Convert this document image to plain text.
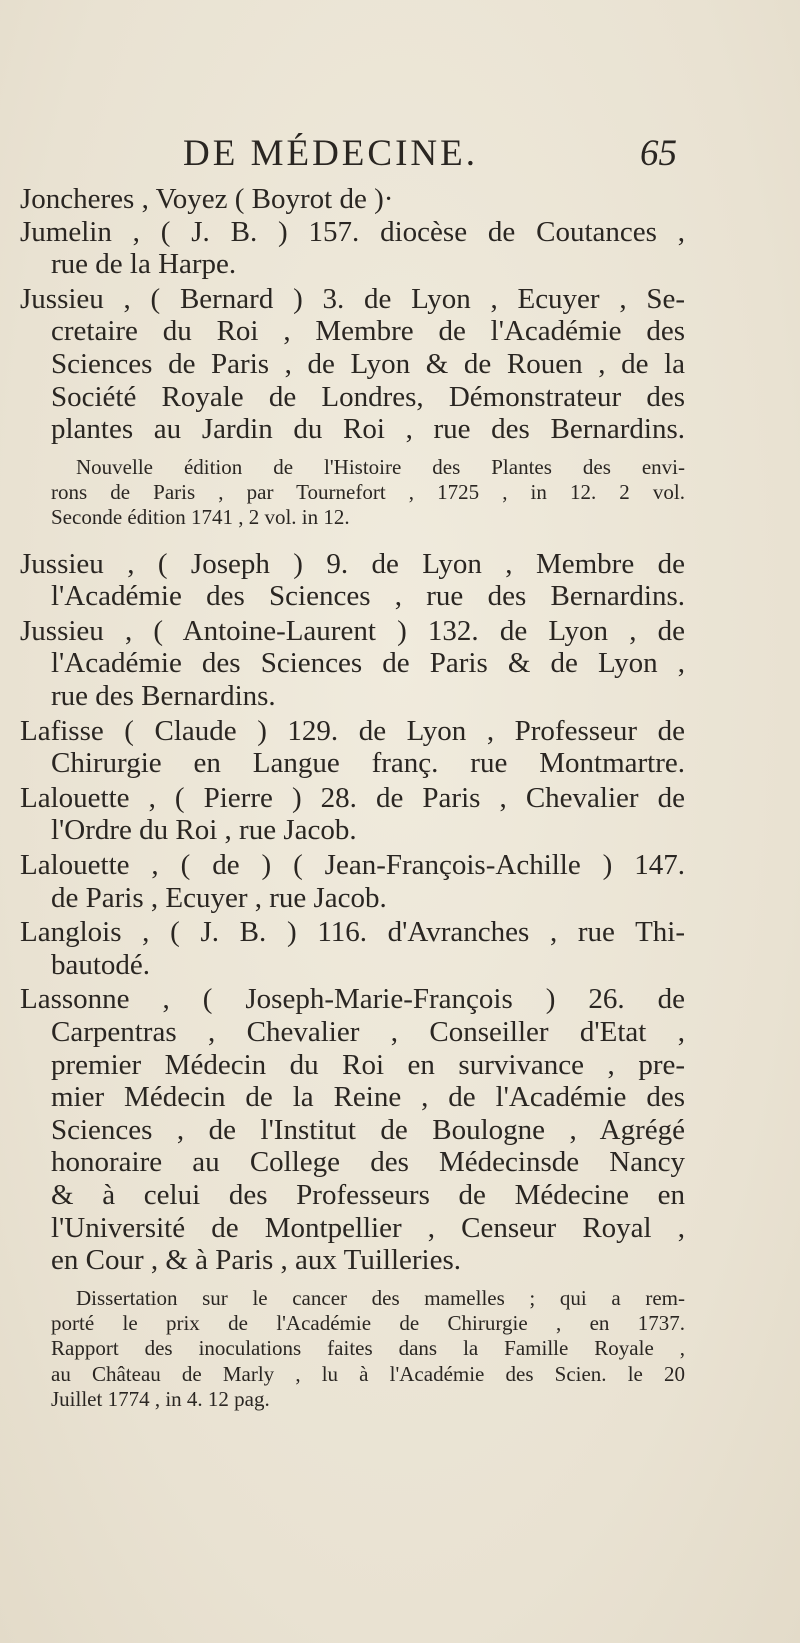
DE MÉDECINE.	65
Joncheres , Voyez ( Boyrot de )·
Jumelin , ( J. B. ) 157. diocèse de Coutances ,
rue de la Harpe.
Jussieu , ( Bernard ) 3. de Lyon , Ecuyer , Se-
cretaire du Roi , Membre de l'Académie des
Sciences de Paris , de Lyon & de Rouen , de la
Société Royale de Londres, Démonstrateur des
plantes au Jardin du Roi , rue des Bernardins.
Nouvelle édition de l'Histoire des Plantes des envi-
rons de Paris , par Tournefort , 1725 , in 12. 2 vol.
Seconde édition 1741 , 2 vol. in 12.
Jussieu , ( Joseph ) 9. de Lyon , Membre de
l'Académie des Sciences , rue des Bernardins.
Jussieu , ( Antoine-Laurent ) 132. de Lyon , de
l'Académie des Sciences de Paris & de Lyon ,
rue des Bernardins.
Lafisse ( Claude ) 129. de Lyon , Professeur de
Chirurgie en Langue franç. rue Montmartre.
Lalouette , ( Pierre ) 28. de Paris , Chevalier de
l'Ordre du Roi , rue Jacob.
Lalouette , ( de ) ( Jean-François-Achille ) 147.
de Paris , Ecuyer , rue Jacob.
Langlois , ( J. B. ) 116. d'Avranches , rue Thi-
bautodé.
Lassonne , ( Joseph-Marie-François ) 26. de
Carpentras , Chevalier , Conseiller d'Etat ,
premier Médecin du Roi en survivance , pre-
mier Médecin de la Reine , de l'Académie des
Sciences , de l'Institut de Boulogne , Agrégé
honoraire au College des Médecinsde Nancy
& à celui des Professeurs de Médecine en
l'Université de Montpellier , Censeur Royal ,
en Cour , & à Paris , aux Tuilleries.
Dissertation sur le cancer des mamelles ; qui a rem-
porté le prix de l'Académie de Chirurgie , en 1737.
Rapport des inoculations faites dans la Famille Royale ,
au Château de Marly , lu à l'Académie des Scien. le 20
Juillet 1774 , in 4. 12 pag.
